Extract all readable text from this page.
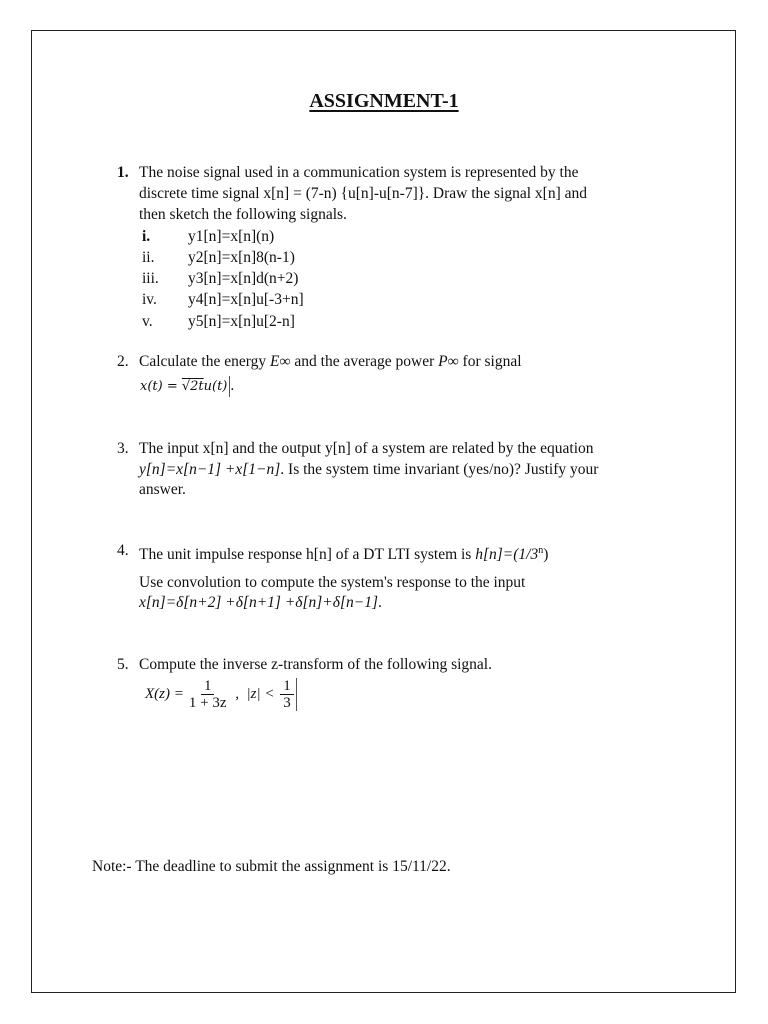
ASSIGNMENT-1
1. The noise signal used in a communication system is represented by the
discrete time signal x[n] = (7-n) {u[n]-u[n-7]}. Draw the signal x[n] and
then sketch the following signals.
i. y1[n]=x[n](n)
ii. y2[n]=x[n]8(n-1)
iii. y3[n]=x[n]d(n+2)
iv. y4[n]=x[n]u[-3+n]
v. y5[n]=x[n]u[2-n]
2. Calculate the energy E∞ and the average power P∞ for signal
x(t) = √2tu(t) .
3. The input x[n] and the output y[n] of a system are related by the equation
y[n]=x[n−1] +x[1−n]. Is the system time invariant (yes/no)? Justify your
answer.
4. The unit impulse response h[n] of a DT LTI system is $h[n]=(1/3^n)$
Use convolution to compute the system's response to the input
x[n]=δ[n+2] +δ[n+1] +δ[n]+δ[n−1].
5. Compute the inverse z-transform of the following signal.
$X(z) = \frac{1}{1 + 3z}$ ,  $|z| < \frac{1}{3}$
Note:- The deadline to submit the assignment is 15/11/22.
